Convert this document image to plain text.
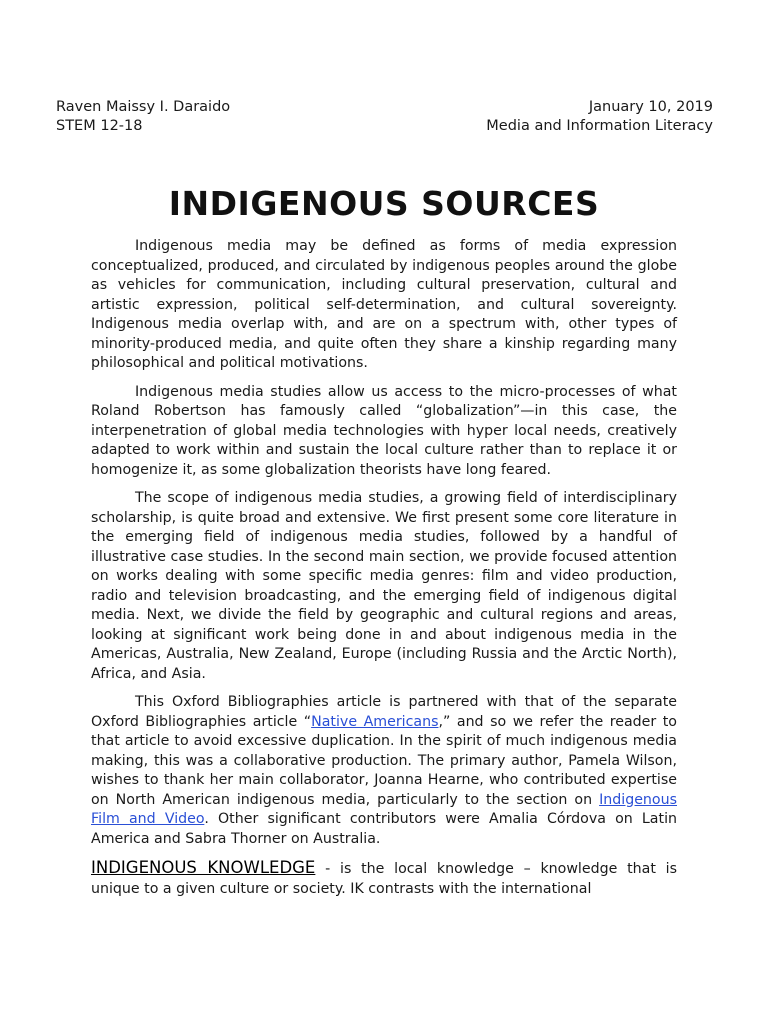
Raven Maissy I. Daraido
STEM 12-18
January 10, 2019
Media and Information Literacy
INDIGENOUS SOURCES

Indigenous media may be defined as forms of media expression conceptualized, produced, and circulated by indigenous peoples around the globe as vehicles for communication, including cultural preservation, cultural and artistic expression, political self-determination, and cultural sovereignty. Indigenous media overlap with, and are on a spectrum with, other types of minority-produced media, and quite often they share a kinship regarding many philosophical and political motivations.

Indigenous media studies allow us access to the micro-processes of what Roland Robertson has famously called “globalization”—in this case, the interpenetration of global media technologies with hyper local needs, creatively adapted to work within and sustain the local culture rather than to replace it or homogenize it, as some globalization theorists have long feared.

The scope of indigenous media studies, a growing field of interdisciplinary scholarship, is quite broad and extensive. We first present some core literature in the emerging field of indigenous media studies, followed by a handful of illustrative case studies. In the second main section, we provide focused attention on works dealing with some specific media genres: film and video production, radio and television broadcasting, and the emerging field of indigenous digital media. Next, we divide the field by geographic and cultural regions and areas, looking at significant work being done in and about indigenous media in the Americas, Australia, New Zealand, Europe (including Russia and the Arctic North), Africa, and Asia.

This Oxford Bibliographies article is partnered with that of the separate Oxford Bibliographies article “Native Americans,” and so we refer the reader to that article to avoid excessive duplication. In the spirit of much indigenous media making, this was a collaborative production. The primary author, Pamela Wilson, wishes to thank her main collaborator, Joanna Hearne, who contributed expertise on North American indigenous media, particularly to the section on Indigenous Film and Video. Other significant contributors were Amalia Córdova on Latin America and Sabra Thorner on Australia.

INDIGENOUS KNOWLEDGE - is the local knowledge – knowledge that is unique to a given culture or society. IK contrasts with the international
